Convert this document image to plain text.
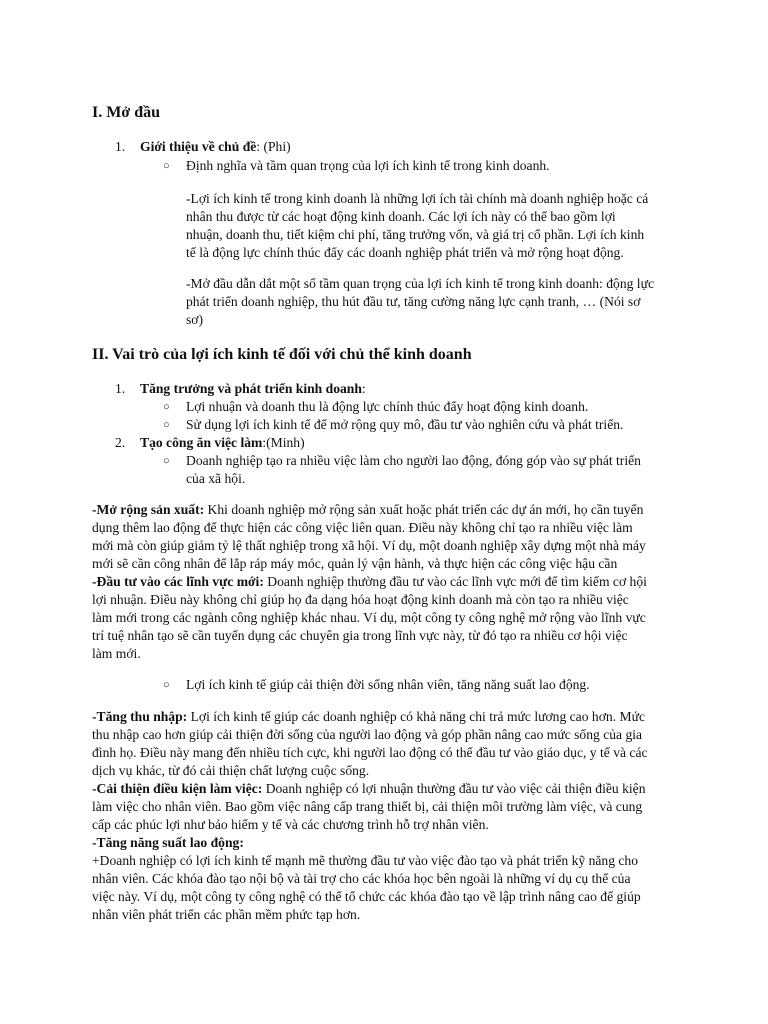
I. Mở đầu
1. Giới thiệu về chủ đề: (Phi)
○ Định nghĩa và tầm quan trọng của lợi ích kinh tế trong kinh doanh.
-Lợi ích kinh tế trong kinh doanh là những lợi ích tài chính mà doanh nghiệp hoặc cá
nhân thu được từ các hoạt động kinh doanh. Các lợi ích này có thể bao gồm lợi
nhuận, doanh thu, tiết kiệm chi phí, tăng trưởng vốn, và giá trị cổ phần. Lợi ích kinh
tế là động lực chính thúc đẩy các doanh nghiệp phát triển và mở rộng hoạt động.
-Mở đầu dẫn dắt một số tầm quan trọng của lợi ích kinh tế trong kinh doanh: động lực
phát triển doanh nghiệp, thu hút đầu tư, tăng cường năng lực cạnh tranh, … (Nói sơ
sơ)
II. Vai trò của lợi ích kinh tế đối với chủ thể kinh doanh
1. Tăng trưởng và phát triển kinh doanh:
○ Lợi nhuận và doanh thu là động lực chính thúc đẩy hoạt động kinh doanh.
○ Sử dụng lợi ích kinh tế để mở rộng quy mô, đầu tư vào nghiên cứu và phát triển.
2. Tạo công ăn việc làm:(Minh)
○ Doanh nghiệp tạo ra nhiều việc làm cho người lao động, đóng góp vào sự phát triển
của xã hội.
-Mở rộng sản xuất: Khi doanh nghiệp mở rộng sản xuất hoặc phát triển các dự án mới, họ cần tuyển
dụng thêm lao động để thực hiện các công việc liên quan. Điều này không chỉ tạo ra nhiều việc làm
mới mà còn giúp giảm tỷ lệ thất nghiệp trong xã hội. Ví dụ, một doanh nghiệp xây dựng một nhà máy
mới sẽ cần công nhân để lắp ráp máy móc, quản lý vận hành, và thực hiện các công việc hậu cần
-Đầu tư vào các lĩnh vực mới: Doanh nghiệp thường đầu tư vào các lĩnh vực mới để tìm kiếm cơ hội
lợi nhuận. Điều này không chỉ giúp họ đa dạng hóa hoạt động kinh doanh mà còn tạo ra nhiều việc
làm mới trong các ngành công nghiệp khác nhau. Ví dụ, một công ty công nghệ mở rộng vào lĩnh vực
trí tuệ nhân tạo sẽ cần tuyển dụng các chuyên gia trong lĩnh vực này, từ đó tạo ra nhiều cơ hội việc
làm mới.
○ Lợi ích kinh tế giúp cải thiện đời sống nhân viên, tăng năng suất lao động.
-Tăng thu nhập: Lợi ích kinh tế giúp các doanh nghiệp có khả năng chi trả mức lương cao hơn. Mức
thu nhập cao hơn giúp cải thiện đời sống của người lao động và góp phần nâng cao mức sống của gia
đình họ. Điều này mang đến nhiều tích cực, khi người lao động có thể đầu tư vào giáo dục, y tế và các
dịch vụ khác, từ đó cải thiện chất lượng cuộc sống.
-Cải thiện điều kiện làm việc: Doanh nghiệp có lợi nhuận thường đầu tư vào việc cải thiện điều kiện
làm việc cho nhân viên. Bao gồm việc nâng cấp trang thiết bị, cải thiện môi trường làm việc, và cung
cấp các phúc lợi như bảo hiểm y tế và các chương trình hỗ trợ nhân viên.
-Tăng năng suất lao động:
+Doanh nghiệp có lợi ích kinh tế mạnh mẽ thường đầu tư vào việc đào tạo và phát triển kỹ năng cho
nhân viên. Các khóa đào tạo nội bộ và tài trợ cho các khóa học bên ngoài là những ví dụ cụ thể của
việc này. Ví dụ, một công ty công nghệ có thể tổ chức các khóa đào tạo về lập trình nâng cao để giúp
nhân viên phát triển các phần mềm phức tạp hơn.
